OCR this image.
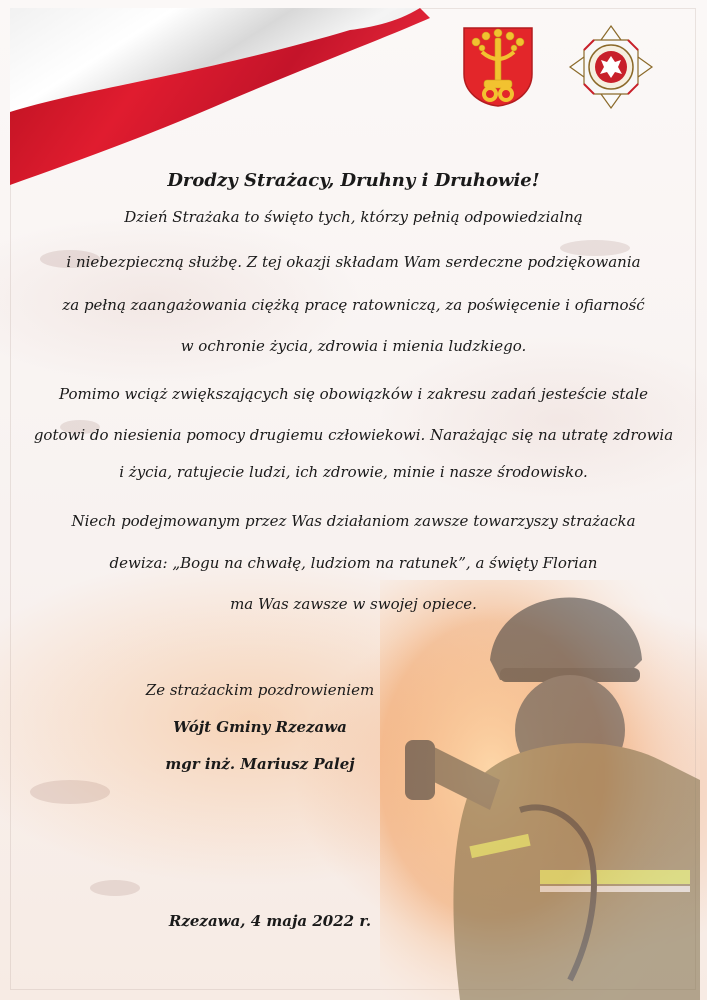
Drodzy Strażacy, Druhny i Druhowie!
Dzień Strażaka to święto tych, którzy pełnią odpowiedzialną
i niebezpieczną służbę. Z tej okazji składam Wam serdeczne podziękowania
za pełną zaangażowania ciężką pracę ratowniczą, za poświęcenie i ofiarność
w ochronie życia, zdrowia i mienia ludzkiego.
Pomimo wciąż zwiększających się obowiązków i zakresu zadań jesteście stale
gotowi do niesienia pomocy drugiemu człowiekowi. Narażając się na utratę zdrowia
i życia, ratujecie ludzi, ich zdrowie, minie i nasze środowisko.
Niech podejmowanym przez Was działaniom zawsze towarzyszy strażacka
dewiza: „Bogu na chwałę, ludziom na ratunek”, a święty Florian
ma Was zawsze w swojej opiece.
Ze strażackim pozdrowieniem
Wójt Gminy Rzezawa
mgr inż. Mariusz Palej
Rzezawa, 4 maja 2022 r.
